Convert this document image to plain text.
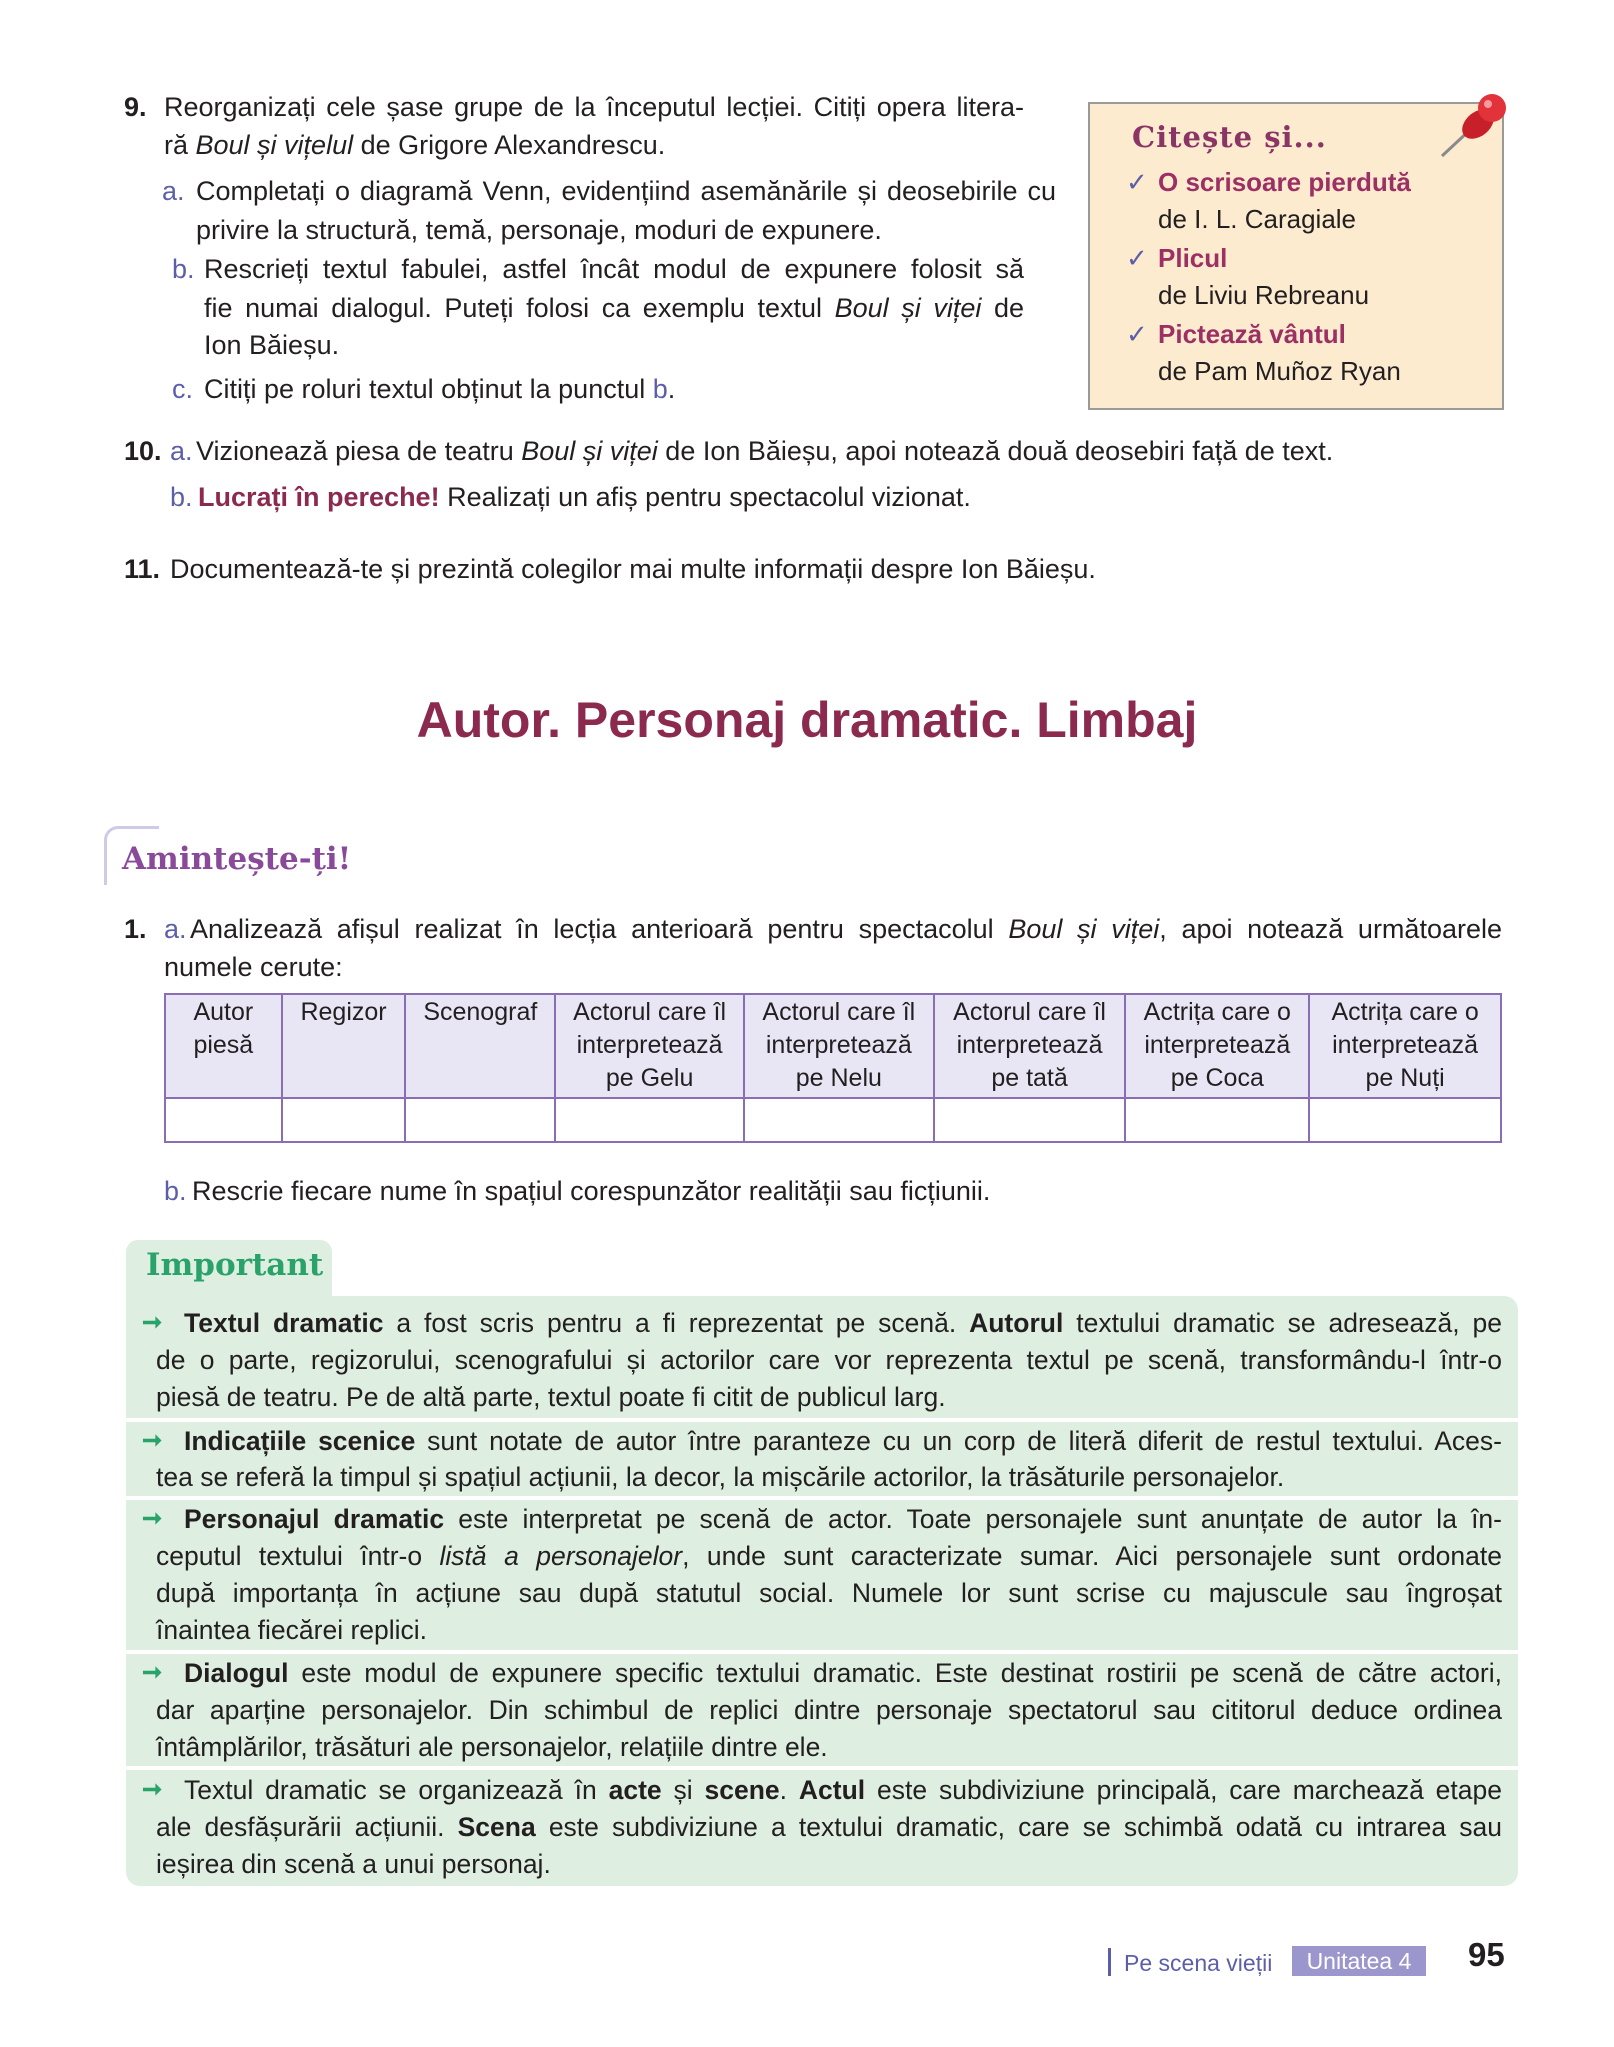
9. Reorganizați cele șase grupe de la începutul lecției. Citiți opera litera-
ră Boul și vițelul de Grigore Alexandrescu.
a. Completați o diagramă Venn, evidențiind asemănările și deosebirile cu
privire la structură, temă, personaje, moduri de expunere.
b. Rescrieți textul fabulei, astfel încât modul de expunere folosit să
fie numai dialogul. Puteți folosi ca exemplu textul Boul și viței de
Ion Băieșu.
c. Citiți pe roluri textul obținut la punctul b.
Citește și...
✓ O scrisoare pierdută
de I. L. Caragiale
✓ Plicul
de Liviu Rebreanu
✓ Pictează vântul
de Pam Muñoz Ryan
10. a. Vizionează piesa de teatru Boul și viței de Ion Băieșu, apoi notează două deosebiri față de text.
b. Lucrați în pereche! Realizați un afiș pentru spectacolul vizionat.
11. Documentează-te și prezintă colegilor mai multe informații despre Ion Băieșu.
Autor. Personaj dramatic. Limbaj
Amintește-ți!
1. a. Analizează afișul realizat în lecția anterioară pentru spectacolul Boul și viței, apoi notează următoarele
numele cerute:
Autor
piesă	Regizor	Scenograf	Actorul care îl
interpretează
pe Gelu	Actorul care îl
interpretează
pe Nelu	Actorul care îl
interpretează
pe tată	Actrița care o
interpretează
pe Coca	Actrița care o
interpretează
pe Nuți

b. Rescrie fiecare nume în spațiul corespunzător realității sau ficțiunii.
Important
➞ Textul dramatic a fost scris pentru a fi reprezentat pe scenă. Autorul textului dramatic se adresează, pe
de o parte, regizorului, scenografului și actorilor care vor reprezenta textul pe scenă, transformându-l într-o
piesă de teatru. Pe de altă parte, textul poate fi citit de publicul larg.
➞ Indicațiile scenice sunt notate de autor între paranteze cu un corp de literă diferit de restul textului. Aces-
tea se referă la timpul și spațiul acțiunii, la decor, la mișcările actorilor, la trăsăturile personajelor.
➞ Personajul dramatic este interpretat pe scenă de actor. Toate personajele sunt anunțate de autor la în-
ceputul textului într-o listă a personajelor, unde sunt caracterizate sumar. Aici personajele sunt ordonate
după importanța în acțiune sau după statutul social. Numele lor sunt scrise cu majuscule sau îngroșat
înaintea fiecărei replici.
➞ Dialogul este modul de expunere specific textului dramatic. Este destinat rostirii pe scenă de către actori,
dar aparține personajelor. Din schimbul de replici dintre personaje spectatorul sau cititorul deduce ordinea
întâmplărilor, trăsături ale personajelor, relațiile dintre ele.
➞ Textul dramatic se organizează în acte și scene. Actul este subdiviziune principală, care marchează etape
ale desfășurării acțiunii. Scena este subdiviziune a textului dramatic, care se schimbă odată cu intrarea sau
ieșirea din scenă a unui personaj.
Pe scena vieții	Unitatea 4	95
